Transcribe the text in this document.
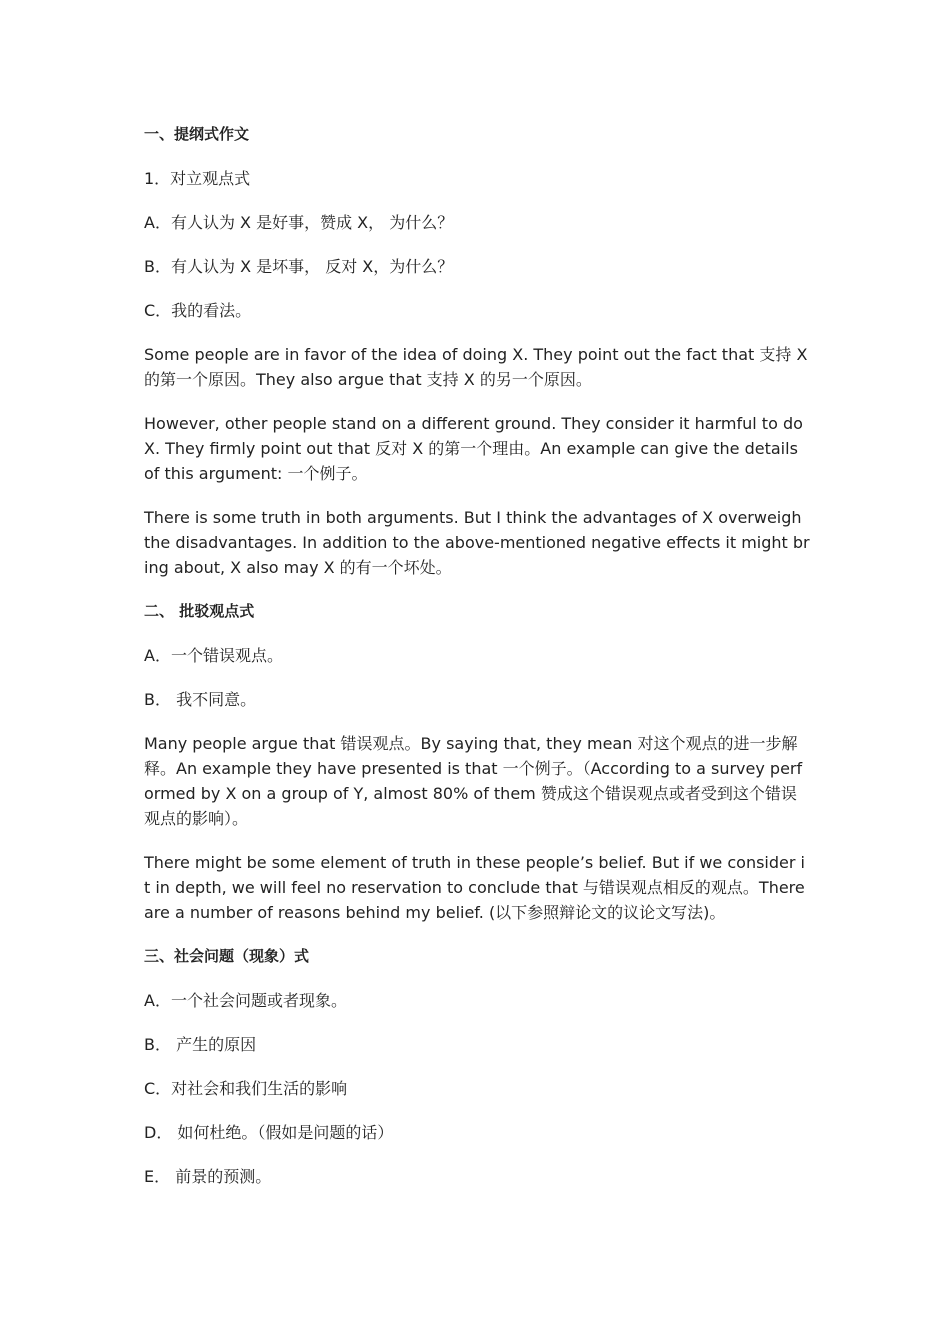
一、提纲式作文

1．对立观点式

A．有人认为 X 是好事，赞成 X， 为什么？

B．有人认为 X 是坏事， 反对 X，为什么？

C．我的看法。

Some people are in favor of the idea of doing X. They point out the fact that 支持 X 的第一个原因。They also argue that 支持 X 的另一个原因。

However, other people stand on a different ground. They consider it harmful to do X. They firmly point out that 反对 X 的第一个理由。An example can give the details of this argument: 一个例子。

There is some truth in both arguments. But I think the advantages of X overweigh the disadvantages. In addition to the above-mentioned negative effects it might bring about, X also may X 的有一个坏处。

二、 批驳观点式

A．一个错误观点。

B． 我不同意。

Many people argue that 错误观点。By saying that, they mean 对这个观点的进一步解释。An example they have presented is that 一个例子。（According to a survey performed by X on a group of Y, almost 80% of them 赞成这个错误观点或者受到这个错误观点的影响）。

There might be some element of truth in these people’s belief. But if we consider it in depth, we will feel no reservation to conclude that 与错误观点相反的观点。There are a number of reasons behind my belief. (以下参照辩论文的议论文写法)。

三、社会问题（现象）式

A．一个社会问题或者现象。

B． 产生的原因

C．对社会和我们生活的影响

D． 如何杜绝。（假如是问题的话）

E． 前景的预测。
